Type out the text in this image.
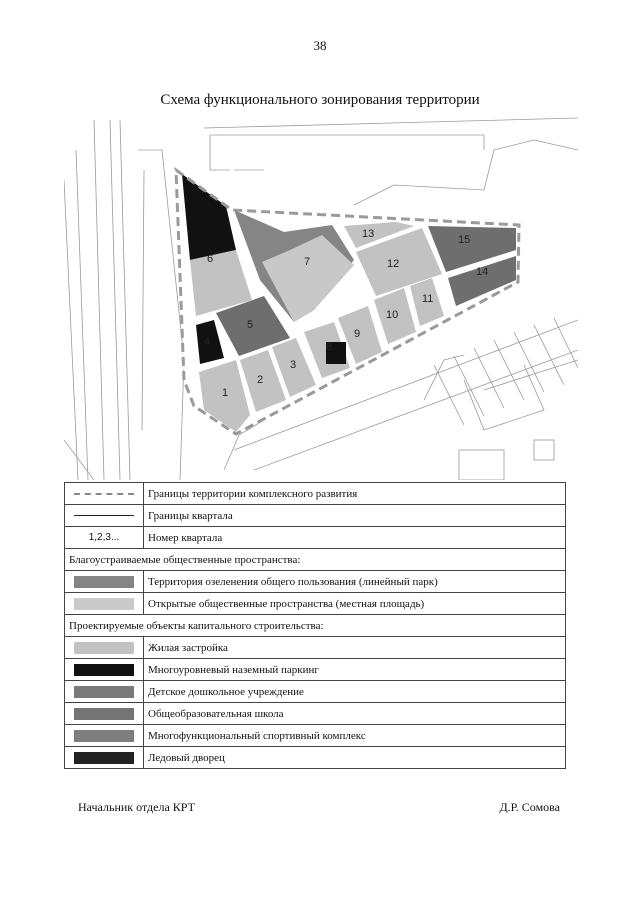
38
Схема функционального зонирования территории
1
2
3
4
5
6	7
8
9
10
11
12
13
14
15
	Границы территории комплексного развития

	Границы квартала

1,2,3...	Номер квартала
Благоустраиваемые общественные пространства:	

	Территория озеленения общего пользования (линейный парк)

	Открытые общественные пространства (местная площадь)
Проектируемые объекты капитального строительства:	

	Жилая застройка

	Многоуровневый наземный паркинг

	Детское дошкольное учреждение

	Общеобразовательная школа

	Многофункциональный спортивный комплекс

	Ледовый дворец
Начальник отдела КРТ	Д.Р. Сомова
